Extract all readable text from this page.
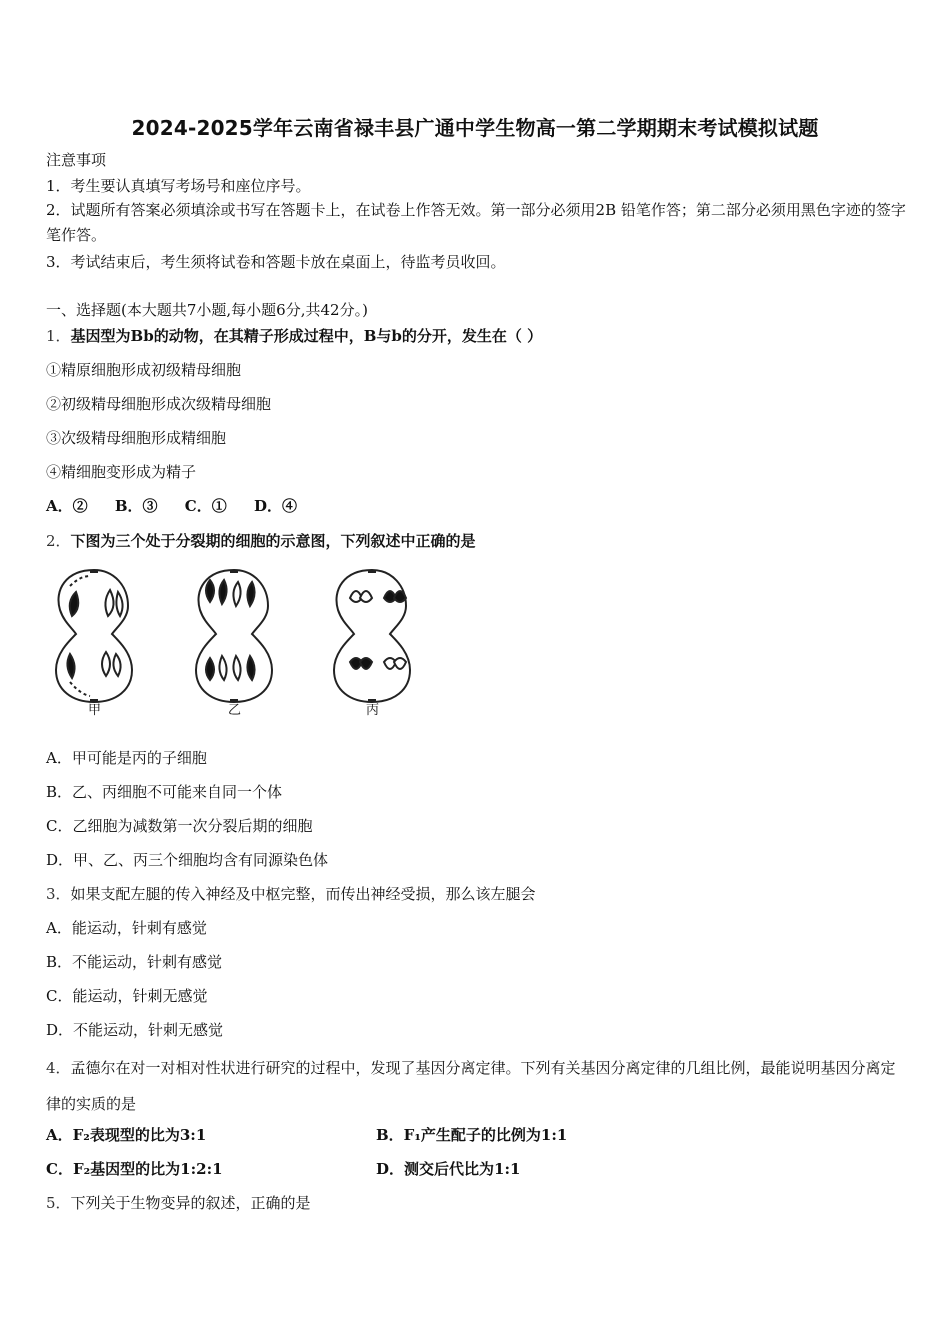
2024-2025学年云南省禄丰县广通中学生物高一第二学期期末考试模拟试题
注意事项
1．考生要认真填写考场号和座位序号。
2．试题所有答案必须填涂或书写在答题卡上，在试卷上作答无效。第一部分必须用2B 铅笔作答；第二部分必须用黑色字迹的签字笔作答。
3．考试结束后，考生须将试卷和答题卡放在桌面上，待监考员收回。
一、选择题(本大题共7小题,每小题6分,共42分。)
1．基因型为Bb的动物，在其精子形成过程中，B与b的分开，发生在（ ）
①精原细胞形成初级精母细胞
②初级精母细胞形成次级精母细胞
③次级精母细胞形成精细胞
④精细胞变形成为精子
A．② B．③ C．① D．④
2．下图为三个处于分裂期的细胞的示意图，下列叙述中正确的是
甲	乙	丙
A．甲可能是丙的子细胞
B．乙、丙细胞不可能来自同一个体
C．乙细胞为减数第一次分裂后期的细胞
D．甲、乙、丙三个细胞均含有同源染色体
3．如果支配左腿的传入神经及中枢完整，而传出神经受损，那么该左腿会
A．能运动，针刺有感觉
B．不能运动，针刺有感觉
C．能运动，针刺无感觉
D．不能运动，针刺无感觉
4．孟德尔在对一对相对性状进行研究的过程中，发现了基因分离定律。下列有关基因分离定律的几组比例，最能说明基因分离定律的实质的是
A．F₂表现型的比为3:1	B．F₁产生配子的比例为1:1
C．F₂基因型的比为1:2:1	D．测交后代比为1:1
5．下列关于生物变异的叙述，正确的是
